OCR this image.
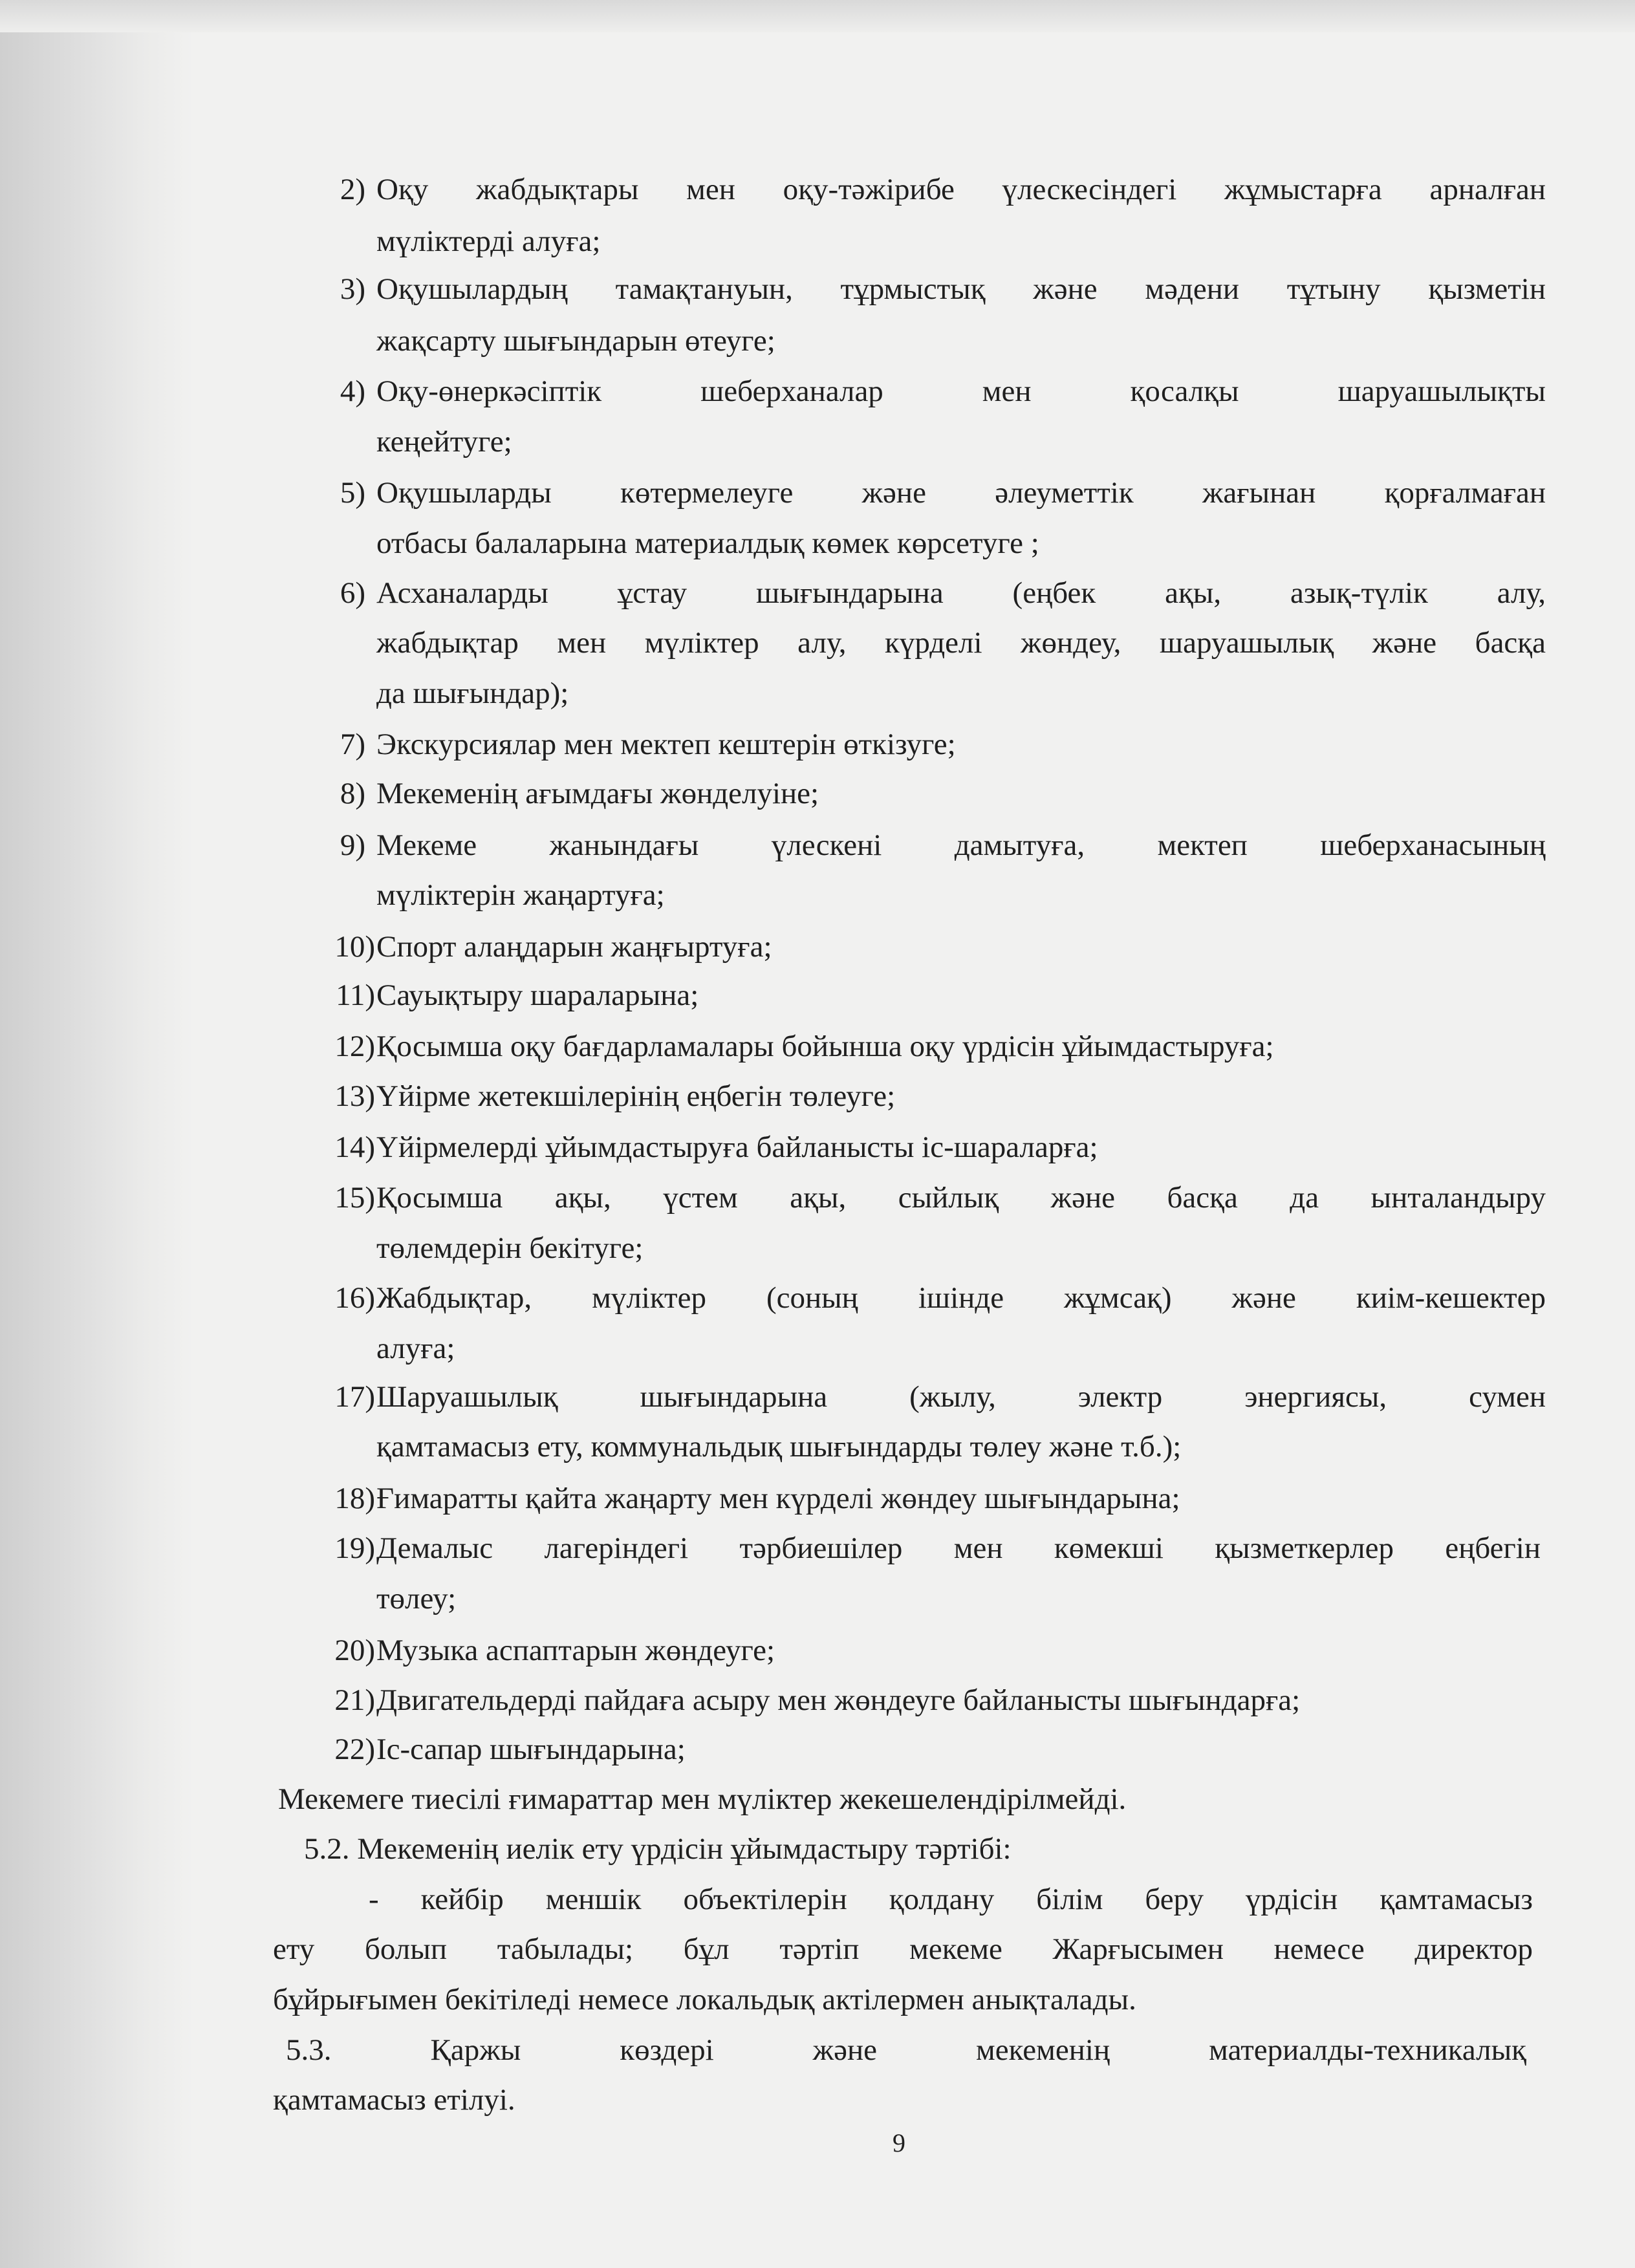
2) Оқу жабдықтары мен оқу-тәжірибе үлескесіндегі жұмыстарға арналған
мүліктерді алуға;
3) Оқушылардың тамақтануын, тұрмыстық және мәдени тұтыну қызметін
жақсарту шығындарын өтеуге;
4) Оқу-өнеркәсіптік шеберханалар мен қосалқы шаруашылықты
кеңейтуге;
5) Оқушыларды көтермелеуге және әлеуметтік жағынан қорғалмаған
отбасы балаларына материалдық көмек көрсетуге ;
6) Асханаларды ұстау шығындарына (еңбек ақы, азық-түлік алу,
жабдықтар мен мүліктер алу, күрделі жөндеу, шаруашылық және басқа
да шығындар);
7) Экскурсиялар мен мектеп кештерін өткізуге;
8) Мекеменің ағымдағы жөнделуіне;
9) Мекеме жанындағы үлескені дамытуға, мектеп шеберханасының
мүліктерін жаңартуға;
10) Спорт алаңдарын жаңғыртуға;
11) Сауықтыру шараларына;
12) Қосымша оқу бағдарламалары бойынша оқу үрдісін ұйымдастыруға;
13) Үйірме жетекшілерінің еңбегін төлеуге;
14) Үйірмелерді ұйымдастыруға байланысты іс-шараларға;
15) Қосымша ақы, үстем ақы, сыйлық және басқа да ынталандыру
төлемдерін бекітуге;
16) Жабдықтар, мүліктер (соның ішінде жұмсақ) және киім-кешектер
алуға;
17) Шаруашылық шығындарына (жылу, электр энергиясы, сумен
қамтамасыз ету, коммунальдық шығындарды төлеу және т.б.);
18) Ғимаратты қайта жаңарту мен күрделі жөндеу шығындарына;
19) Демалыс лагеріндегі тәрбиешілер мен көмекші қызметкерлер еңбегін
төлеу;
20) Музыка аспаптарын жөндеуге;
21) Двигательдерді пайдаға асыру мен жөндеуге байланысты шығындарға;
22) Іс-сапар шығындарына;
Мекемеге тиесілі ғимараттар мен мүліктер жекешелендірілмейді.
5.2. Мекеменің иелік ету үрдісін ұйымдастыру тәртібі:
- кейбір меншік объектілерін қолдану білім беру үрдісін қамтамасыз
ету болып табылады; бұл тәртіп мекеме Жарғысымен немесе директор
бұйрығымен бекітіледі немесе локальдық актілермен анықталады.
5.3. Қаржы көздері және мекеменің материалды-техникалық
қамтамасыз етілуі.
9
